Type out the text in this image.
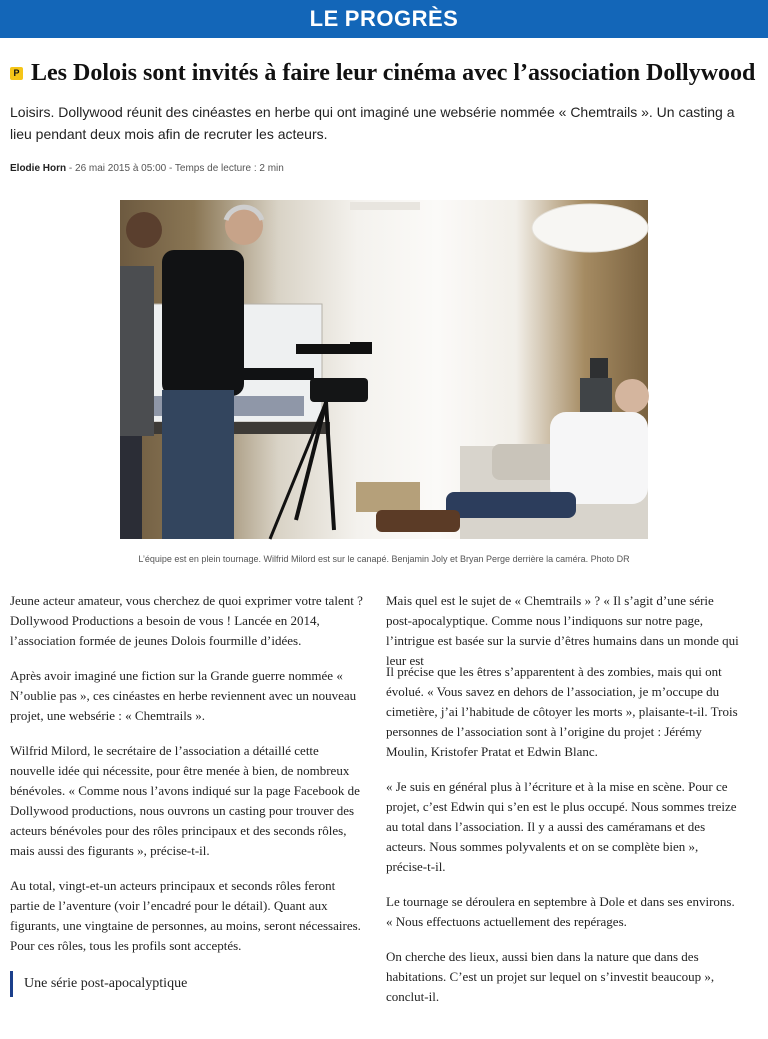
LE PROGRÈS
P Les Dolois sont invités à faire leur cinéma avec l’association Dollywood

Loisirs. Dollywood réunit des cinéastes en herbe qui ont imaginé une websérie nommée « Chemtrails ». Un casting a lieu pendant deux mois afin de recruter les acteurs.

Elodie Horn - 26 mai 2015 à 05:00 - Temps de lecture : 2 min
L’équipe est en plein tournage. Wilfrid Milord est sur le canapé. Benjamin Joly et Bryan Perge derrière la caméra. Photo DR

Jeune acteur amateur, vous cherchez de quoi exprimer votre talent ? Dollywood Productions a besoin de vous ! Lancée en 2014, l’association formée de jeunes Dolois fourmille d’idées.

Après avoir imaginé une fiction sur la Grande guerre nommée « N’oublie pas », ces cinéastes en herbe reviennent avec un nouveau projet, une websérie : « Chemtrails ».

Wilfrid Milord, le secrétaire de l’association a détaillé cette nouvelle idée qui nécessite, pour être menée à bien, de nombreux bénévoles. « Comme nous l’avons indiqué sur la page Facebook de Dollywood productions, nous ouvrons un casting pour trouver des acteurs bénévoles pour des rôles principaux et des seconds rôles, mais aussi des figurants », précise-t-il.

Au total, vingt-et-un acteurs principaux et seconds rôles feront partie de l’aventure (voir l’encadré pour le détail). Quant aux figurants, une vingtaine de personnes, au moins, seront nécessaires. Pour ces rôles, tous les profils sont acceptés.

Une série post-apocalyptique

Mais quel est le sujet de « Chemtrails » ? « Il s’agit d’une série post-apocalyptique. Comme nous l’indiquons sur notre page, l’intrigue est basée sur la survie d’êtres humains dans un monde qui leur est

Il précise que les êtres s’apparentent à des zombies, mais qui ont évolué. « Vous savez en dehors de l’association, je m’occupe du cimetière, j’ai l’habitude de côtoyer les morts », plaisante-t-il. Trois personnes de l’association sont à l’origine du projet : Jérémy Moulin, Kristofer Pratat et Edwin Blanc.

« Je suis en général plus à l’écriture et à la mise en scène. Pour ce projet, c’est Edwin qui s’en est le plus occupé. Nous sommes treize au total dans l’association. Il y a aussi des caméramans et des acteurs. Nous sommes polyvalents et on se complète bien », précise-t-il.

Le tournage se déroulera en septembre à Dole et dans ses environs. « Nous effectuons actuellement des repérages.

On cherche des lieux, aussi bien dans la nature que dans des habitations. C’est un projet sur lequel on s’investit beaucoup », conclut-il.
